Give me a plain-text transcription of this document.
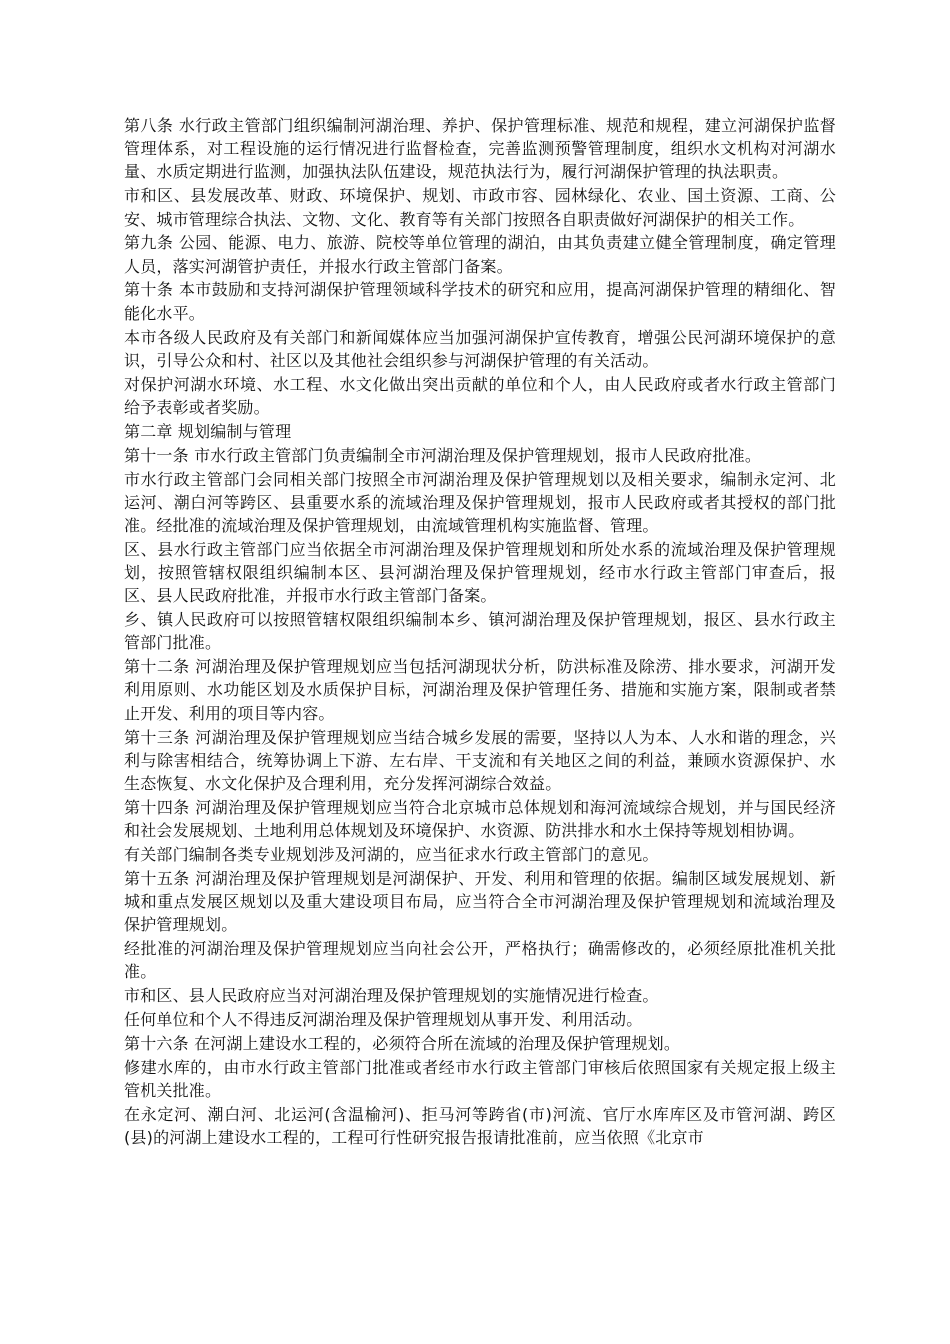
第八条 水行政主管部门组织编制河湖治理、养护、保护管理标准、规范和规程，建立河湖保护监督管理体系，对工程设施的运行情况进行监督检查，完善监测预警管理制度，组织水文机构对河湖水量、水质定期进行监测，加强执法队伍建设，规范执法行为，履行河湖保护管理的执法职责。

市和区、县发展改革、财政、环境保护、规划、市政市容、园林绿化、农业、国土资源、工商、公安、城市管理综合执法、文物、文化、教育等有关部门按照各自职责做好河湖保护的相关工作。

第九条 公园、能源、电力、旅游、院校等单位管理的湖泊，由其负责建立健全管理制度，确定管理人员，落实河湖管护责任，并报水行政主管部门备案。

第十条 本市鼓励和支持河湖保护管理领域科学技术的研究和应用，提高河湖保护管理的精细化、智能化水平。

本市各级人民政府及有关部门和新闻媒体应当加强河湖保护宣传教育，增强公民河湖环境保护的意识，引导公众和村、社区以及其他社会组织参与河湖保护管理的有关活动。

对保护河湖水环境、水工程、水文化做出突出贡献的单位和个人，由人民政府或者水行政主管部门给予表彰或者奖励。

第二章 规划编制与管理

第十一条 市水行政主管部门负责编制全市河湖治理及保护管理规划，报市人民政府批准。

市水行政主管部门会同相关部门按照全市河湖治理及保护管理规划以及相关要求，编制永定河、北运河、潮白河等跨区、县重要水系的流域治理及保护管理规划，报市人民政府或者其授权的部门批准。经批准的流域治理及保护管理规划，由流域管理机构实施监督、管理。

区、县水行政主管部门应当依据全市河湖治理及保护管理规划和所处水系的流域治理及保护管理规划，按照管辖权限组织编制本区、县河湖治理及保护管理规划，经市水行政主管部门审查后，报区、县人民政府批准，并报市水行政主管部门备案。

乡、镇人民政府可以按照管辖权限组织编制本乡、镇河湖治理及保护管理规划，报区、县水行政主管部门批准。

第十二条 河湖治理及保护管理规划应当包括河湖现状分析，防洪标准及除涝、排水要求，河湖开发利用原则、水功能区划及水质保护目标，河湖治理及保护管理任务、措施和实施方案，限制或者禁止开发、利用的项目等内容。

第十三条 河湖治理及保护管理规划应当结合城乡发展的需要，坚持以人为本、人水和谐的理念，兴利与除害相结合，统筹协调上下游、左右岸、干支流和有关地区之间的利益，兼顾水资源保护、水生态恢复、水文化保护及合理利用，充分发挥河湖综合效益。

第十四条 河湖治理及保护管理规划应当符合北京城市总体规划和海河流域综合规划，并与国民经济和社会发展规划、土地利用总体规划及环境保护、水资源、防洪排水和水土保持等规划相协调。

有关部门编制各类专业规划涉及河湖的，应当征求水行政主管部门的意见。

第十五条 河湖治理及保护管理规划是河湖保护、开发、利用和管理的依据。编制区域发展规划、新城和重点发展区规划以及重大建设项目布局，应当符合全市河湖治理及保护管理规划和流域治理及保护管理规划。

经批准的河湖治理及保护管理规划应当向社会公开，严格执行；确需修改的，必须经原批准机关批准。

市和区、县人民政府应当对河湖治理及保护管理规划的实施情况进行检查。

任何单位和个人不得违反河湖治理及保护管理规划从事开发、利用活动。

第十六条 在河湖上建设水工程的，必须符合所在流域的治理及保护管理规划。

修建水库的，由市水行政主管部门批准或者经市水行政主管部门审核后依照国家有关规定报上级主管机关批准。

在永定河、潮白河、北运河(含温榆河)、拒马河等跨省(市)河流、官厅水库库区及市管河湖、跨区(县)的河湖上建设水工程的，工程可行性研究报告报请批准前，应当依照《北京市
